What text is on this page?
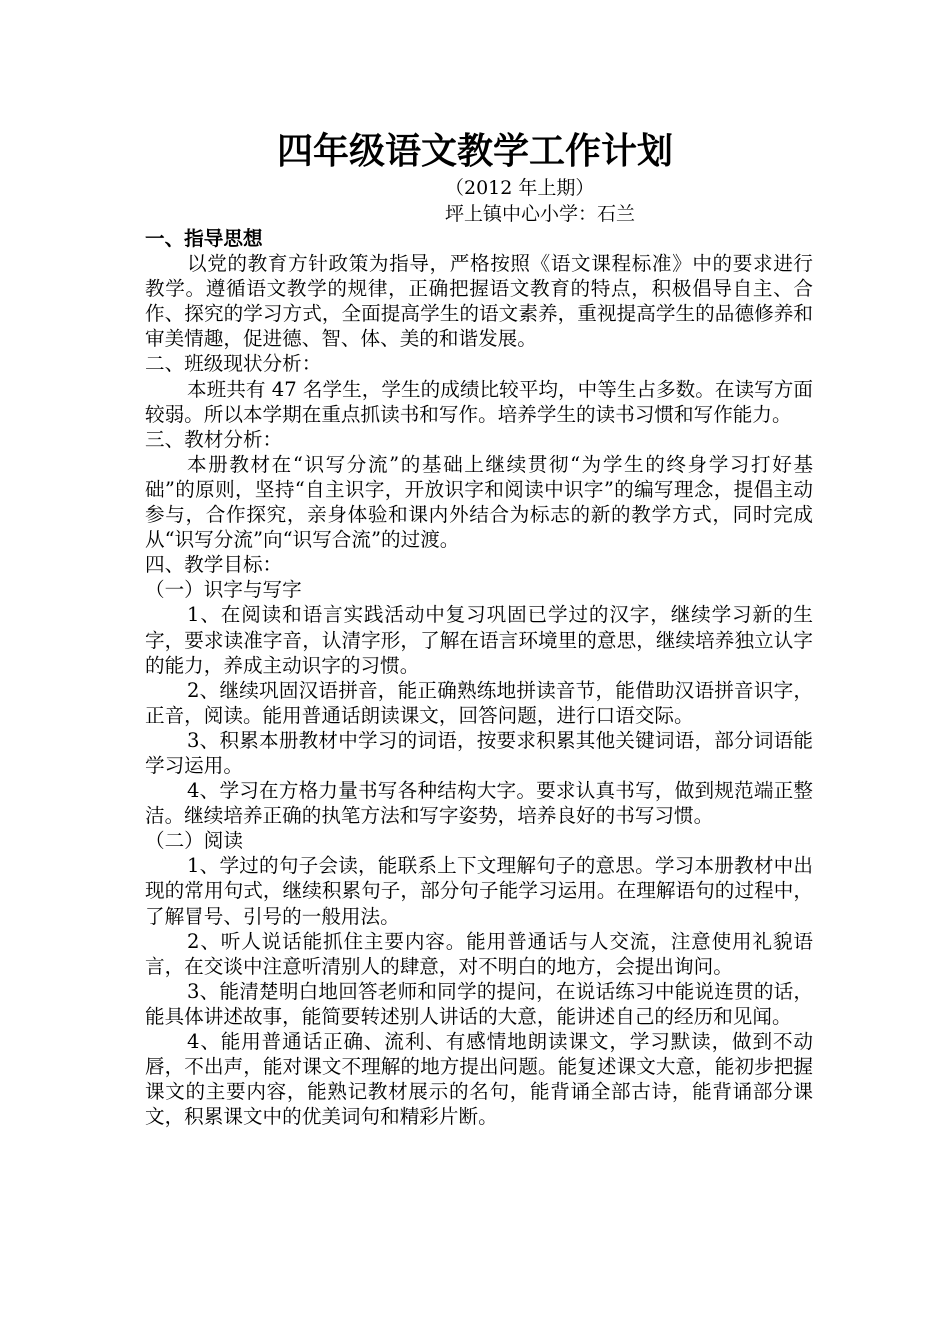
四年级语文教学工作计划
（2012 年上期）
坪上镇中心小学：石兰

一、指导思想

以党的教育方针政策为指导，严格按照《语文课程标准》中的要求进行教学。遵循语文教学的规律，正确把握语文教育的特点，积极倡导自主、合作、探究的学习方式，全面提高学生的语文素养，重视提高学生的品德修养和审美情趣，促进德、智、体、美的和谐发展。

二、班级现状分析：

本班共有 47 名学生，学生的成绩比较平均，中等生占多数。在读写方面较弱。所以本学期在重点抓读书和写作。培养学生的读书习惯和写作能力。

三、教材分析：

本册教材在“识写分流”的基础上继续贯彻“为学生的终身学习打好基础”的原则，坚持“自主识字，开放识字和阅读中识字”的编写理念，提倡主动参与，合作探究，亲身体验和课内外结合为标志的新的教学方式，同时完成从“识写分流”向“识写合流”的过渡。

四、教学目标：

（一）识字与写字

1、在阅读和语言实践活动中复习巩固已学过的汉字，继续学习新的生字，要求读准字音，认清字形，了解在语言环境里的意思，继续培养独立认字的能力，养成主动识字的习惯。

2、继续巩固汉语拼音，能正确熟练地拼读音节，能借助汉语拼音识字，正音，阅读。能用普通话朗读课文，回答问题，进行口语交际。

3、积累本册教材中学习的词语，按要求积累其他关键词语，部分词语能学习运用。

4、学习在方格力量书写各种结构大字。要求认真书写，做到规范端正整洁。继续培养正确的执笔方法和写字姿势，培养良好的书写习惯。

（二）阅读

1、学过的句子会读，能联系上下文理解句子的意思。学习本册教材中出现的常用句式，继续积累句子，部分句子能学习运用。在理解语句的过程中，了解冒号、引号的一般用法。

2、听人说话能抓住主要内容。能用普通话与人交流，注意使用礼貌语言，在交谈中注意听清别人的肆意，对不明白的地方，会提出询问。

3、能清楚明白地回答老师和同学的提问，在说话练习中能说连贯的话，能具体讲述故事，能简要转述别人讲话的大意，能讲述自己的经历和见闻。

4、能用普通话正确、流利、有感情地朗读课文，学习默读，做到不动唇，不出声，能对课文不理解的地方提出问题。能复述课文大意，能初步把握课文的主要内容，能熟记教材展示的名句，能背诵全部古诗，能背诵部分课文，积累课文中的优美词句和精彩片断。
